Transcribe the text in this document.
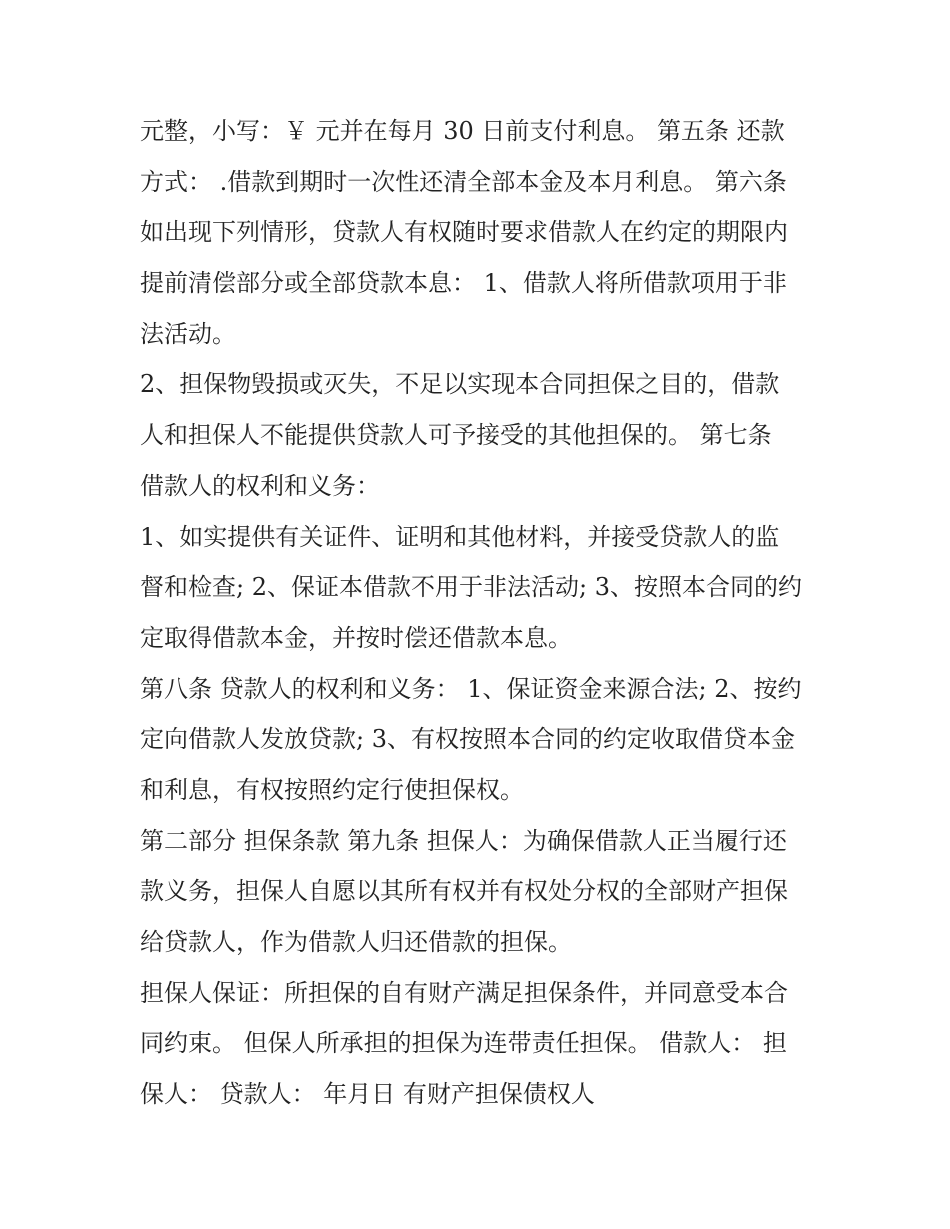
元整，小写：￥ 元并在每月 30 日前支付利息。 第五条 还款
方式： .借款到期时一次性还清全部本金及本月利息。 第六条
如出现下列情形，贷款人有权随时要求借款人在约定的期限内
提前清偿部分或全部贷款本息： 1、借款人将所借款项用于非
法活动。
2、担保物毁损或灭失，不足以实现本合同担保之目的，借款
人和担保人不能提供贷款人可予接受的其他担保的。 第七条
借款人的权利和义务：
1、如实提供有关证件、证明和其他材料，并接受贷款人的监
督和检查; 2、保证本借款不用于非法活动; 3、按照本合同的约
定取得借款本金，并按时偿还借款本息。
第八条 贷款人的权利和义务： 1、保证资金来源合法; 2、按约
定向借款人发放贷款; 3、有权按照本合同的约定收取借贷本金
和利息，有权按照约定行使担保权。
第二部分 担保条款 第九条 担保人：为确保借款人正当履行还
款义务，担保人自愿以其所有权并有权处分权的全部财产担保
给贷款人，作为借款人归还借款的担保。
担保人保证：所担保的自有财产满足担保条件，并同意受本合
同约束。 但保人所承担的担保为连带责任担保。 借款人： 担
保人： 贷款人： 年月日 有财产担保债权人
